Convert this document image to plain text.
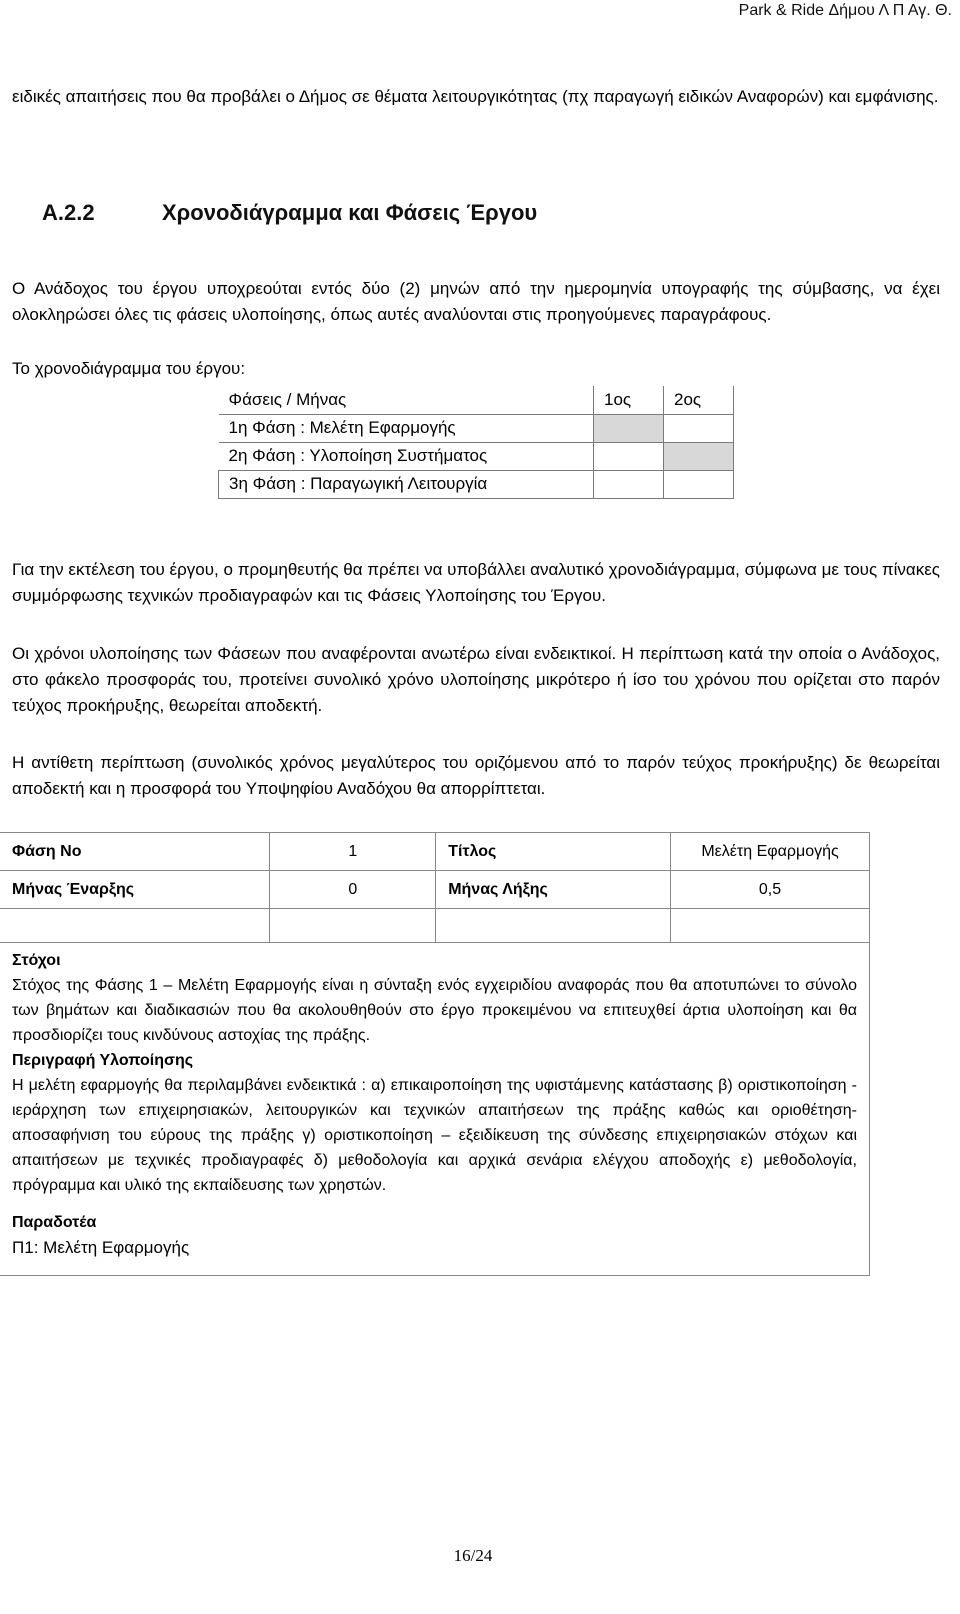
Park & Ride Δήμου Λ Π Αγ. Θ.

ειδικές απαιτήσεις που θα προβάλει ο Δήμος σε θέματα λειτουργικότητας (πχ παραγωγή ειδικών Αναφορών) και εμφάνισης.

Α.2.2	Χρονοδιάγραμμα και Φάσεις Έργου

Ο Ανάδοχος του έργου υποχρεούται εντός δύο (2) μηνών από την ημερομηνία υπογραφής της σύμβασης, να έχει ολοκληρώσει όλες τις φάσεις υλοποίησης, όπως αυτές αναλύονται στις προηγούμενες παραγράφους.

Το χρονοδιάγραμμα του έργου:

Φάσεις / Μήνας	1ος	2ος
1η Φάση : Μελέτη Εφαρμογής		
2η Φάση : Υλοποίηση Συστήματος		
3η Φάση : Παραγωγική Λειτουργία		

Για την εκτέλεση του έργου, ο προμηθευτής θα πρέπει να υποβάλλει αναλυτικό χρονοδιάγραμμα, σύμφωνα με τους πίνακες συμμόρφωσης τεχνικών προδιαγραφών και τις Φάσεις Υλοποίησης του Έργου.

Οι χρόνοι υλοποίησης των Φάσεων που αναφέρονται ανωτέρω είναι ενδεικτικοί. Η περίπτωση κατά την οποία ο Ανάδοχος, στο φάκελο προσφοράς του, προτείνει συνολικό χρόνο υλοποίησης μικρότερο ή ίσο του χρόνου που ορίζεται στο παρόν τεύχος προκήρυξης, θεωρείται αποδεκτή.

Η αντίθετη περίπτωση (συνολικός χρόνος μεγαλύτερος του οριζόμενου από το παρόν τεύχος προκήρυξης) δε θεωρείται αποδεκτή και η προσφορά του Υποψηφίου Αναδόχου θα απορρίπτεται.

Φάση Νο	1	Τίτλος	Μελέτη Εφαρμογής
Μήνας Έναρξης	0	Μήνας Λήξης	0,5

Στόχοι

Στόχος της Φάσης 1 – Μελέτη Εφαρμογής είναι η σύνταξη ενός εγχειριδίου αναφοράς που θα αποτυπώνει το σύνολο των βημάτων και διαδικασιών που θα ακολουθηθούν στο έργο προκειμένου να επιτευχθεί άρτια υλοποίηση και θα προσδιορίζει τους κινδύνους αστοχίας της πράξης.

Περιγραφή Υλοποίησης

Η μελέτη εφαρμογής θα περιλαμβάνει ενδεικτικά : α) επικαιροποίηση της υφιστάμενης κατάστασης β) οριστικοποίηση - ιεράρχηση των επιχειρησιακών, λειτουργικών και τεχνικών απαιτήσεων της πράξης καθώς και οριοθέτηση-αποσαφήνιση του εύρους της πράξης γ) οριστικοποίηση – εξειδίκευση της σύνδεσης επιχειρησιακών στόχων και απαιτήσεων με τεχνικές προδιαγραφές δ) μεθοδολογία και αρχικά σενάρια ελέγχου αποδοχής ε) μεθοδολογία, πρόγραμμα και υλικό της εκπαίδευσης των χρηστών.

Παραδοτέα

Π1: Μελέτη Εφαρμογής

16/24
